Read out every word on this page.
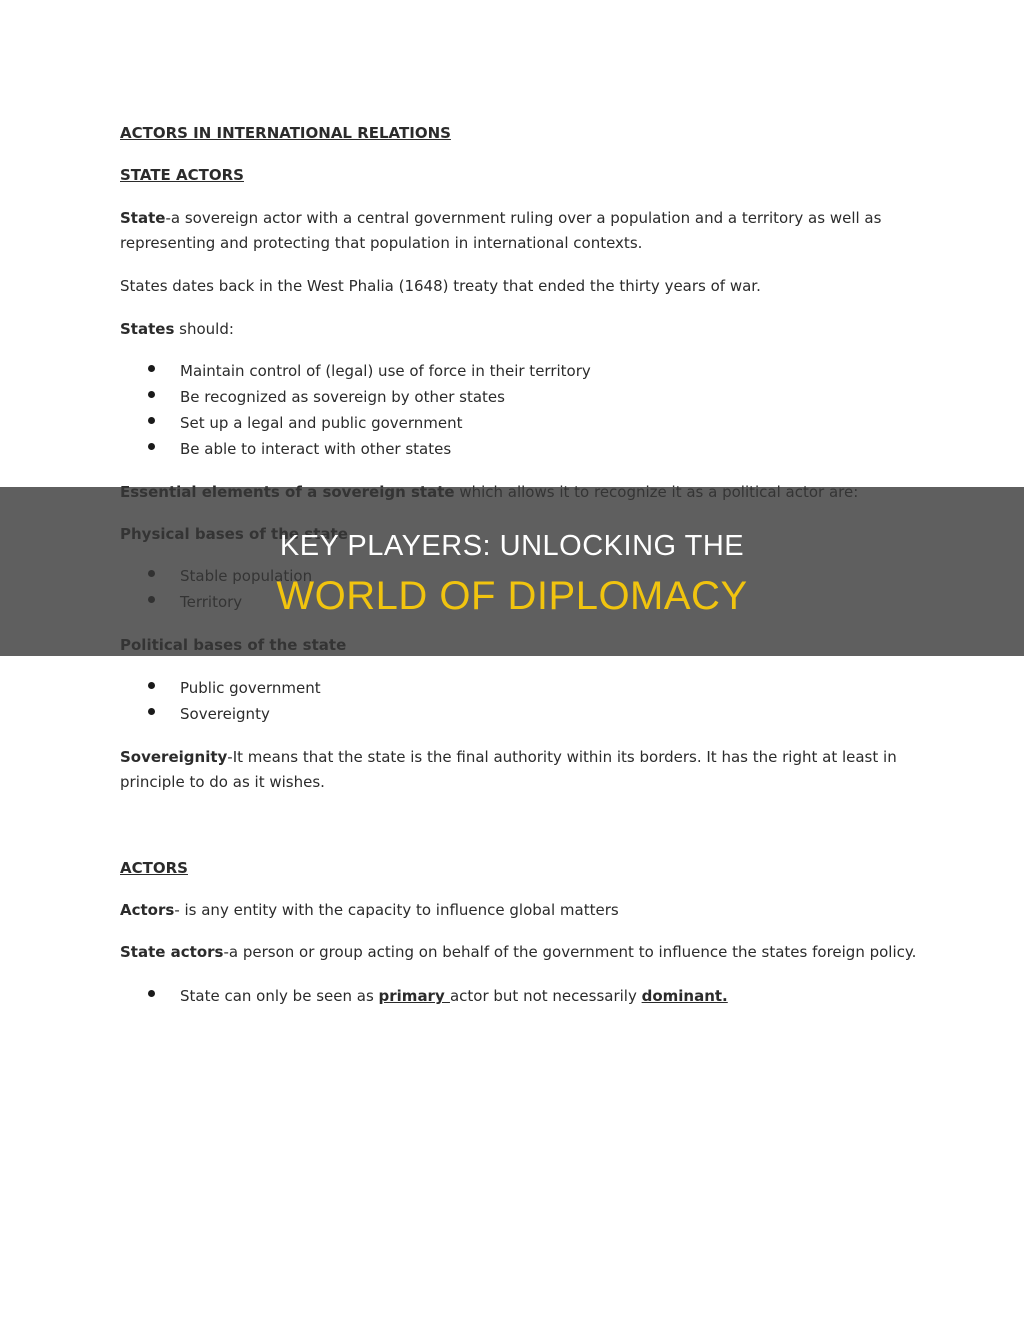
ACTORS IN INTERNATIONAL RELATIONS
STATE ACTORS
State-a sovereign actor with a central government ruling over a population and a territory as well as
representing and protecting that population in international contexts.
States dates back in the West Phalia (1648) treaty that ended the thirty years of war.
States should:
Maintain control of (legal) use of force in their territory
Be recognized as sovereign by other states
Set up a legal and public government
Be able to interact with other states
Public government
Sovereignty
Sovereignity-It means that the state is the final authority within its borders. It has the right at least in
principle to do as it wishes.
ACTORS
Actors- is any entity with the capacity to influence global matters
State actors-a person or group acting on behalf of the government to influence the states foreign policy.
State can only be seen as primary actor but not necessarily dominant.
KEY PLAYERS: UNLOCKING THE
WORLD OF DIPLOMACY
